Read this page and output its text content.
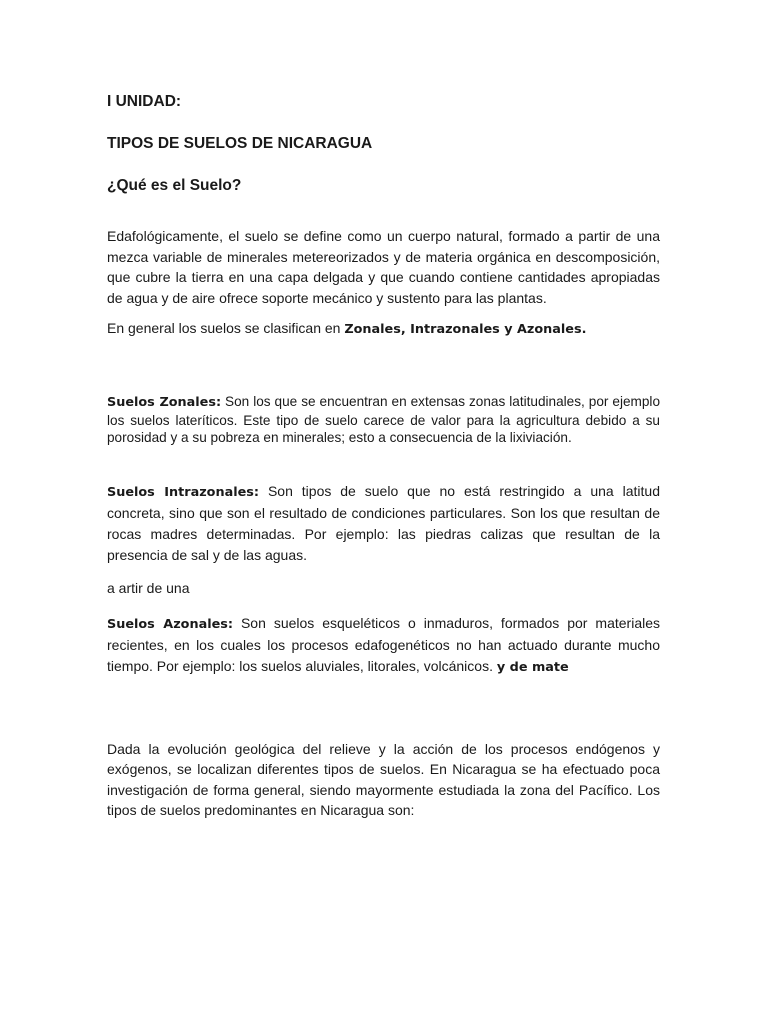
I UNIDAD:
TIPOS DE SUELOS DE NICARAGUA
¿Qué es el Suelo?

Edafológicamente, el suelo se define como un cuerpo natural, formado a partir de una mezca variable de minerales metereorizados y de materia orgánica en descomposición, que cubre la tierra en una capa delgada y que cuando contiene cantidades apropiadas de agua y de aire ofrece soporte mecánico y sustento para las plantas.

En general los suelos se clasifican en Zonales, Intrazonales y Azonales.

Suelos Zonales: Son los que se encuentran en extensas zonas latitudinales, por ejemplo los suelos lateríticos. Este tipo de suelo carece de valor para la agricultura debido a su porosidad y a su pobreza en minerales; esto a consecuencia de la lixiviación.

Suelos Intrazonales: Son tipos de suelo que no está restringido a una latitud concreta, sino que son el resultado de condiciones particulares. Son los que resultan de rocas madres determinadas. Por ejemplo: las piedras calizas que resultan de la presencia de sal y de las aguas.

a artir de una

Suelos Azonales: Son suelos esqueléticos o inmaduros, formados por materiales recientes, en los cuales los procesos edafogenéticos no han actuado durante mucho tiempo. Por ejemplo: los suelos aluviales, litorales, volcánicos. y de mate

Dada la evolución geológica del relieve y la acción de los procesos endógenos y exógenos, se localizan diferentes tipos de suelos. En Nicaragua se ha efectuado poca investigación de forma general, siendo mayormente estudiada la zona del Pacífico. Los tipos de suelos predominantes en Nicaragua son:
